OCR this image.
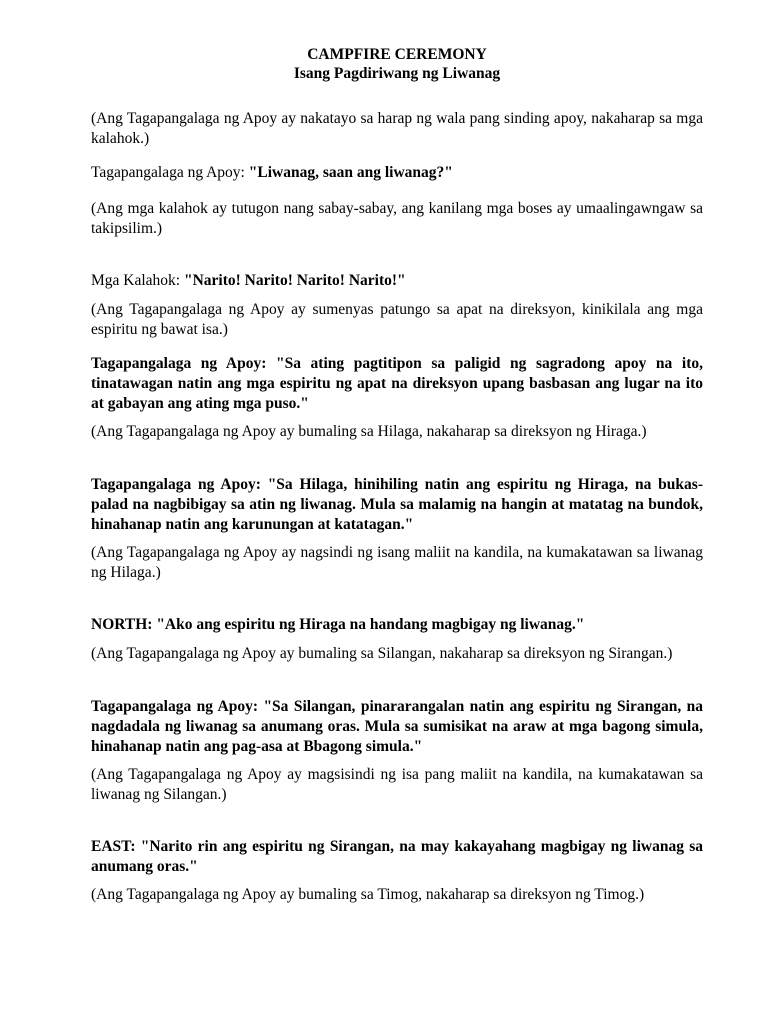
CAMPFIRE CEREMONY

Isang Pagdiriwang ng Liwanag

(Ang Tagapangalaga ng Apoy ay nakatayo sa harap ng wala pang sinding apoy, nakaharap sa mga kalahok.)

Tagapangalaga ng Apoy: "Liwanag, saan ang liwanag?"

(Ang mga kalahok ay tutugon nang sabay-sabay, ang kanilang mga boses ay umaalingawngaw sa takipsilim.)

Mga Kalahok: "Narito! Narito! Narito! Narito!"

(Ang Tagapangalaga ng Apoy ay sumenyas patungo sa apat na direksyon, kinikilala ang mga espiritu ng bawat isa.)

Tagapangalaga ng Apoy: "Sa ating pagtitipon sa paligid ng sagradong apoy na ito, tinatawagan natin ang mga espiritu ng apat na direksyon upang basbasan ang lugar na ito at gabayan ang ating mga puso."

(Ang Tagapangalaga ng Apoy ay bumaling sa Hilaga, nakaharap sa direksyon ng Hiraga.)

Tagapangalaga ng Apoy: "Sa Hilaga, hinihiling natin ang espiritu ng Hiraga, na bukas-palad na nagbibigay sa atin ng liwanag. Mula sa malamig na hangin at matatag na bundok, hinahanap natin ang karunungan at katatagan."

(Ang Tagapangalaga ng Apoy ay nagsindi ng isang maliit na kandila, na kumakatawan sa liwanag ng Hilaga.)

NORTH: "Ako ang espiritu ng Hiraga na handang magbigay ng liwanag."

(Ang Tagapangalaga ng Apoy ay bumaling sa Silangan, nakaharap sa direksyon ng Sirangan.)

Tagapangalaga ng Apoy: "Sa Silangan, pinararangalan natin ang espiritu ng Sirangan, na nagdadala ng liwanag sa anumang oras. Mula sa sumisikat na araw at mga bagong simula, hinahanap natin ang pag-asa at Bbagong simula."

(Ang Tagapangalaga ng Apoy ay magsisindi ng isa pang maliit na kandila, na kumakatawan sa liwanag ng Silangan.)

EAST: "Narito rin ang espiritu ng Sirangan, na may kakayahang magbigay ng liwanag sa anumang oras."

(Ang Tagapangalaga ng Apoy ay bumaling sa Timog, nakaharap sa direksyon ng Timog.)
